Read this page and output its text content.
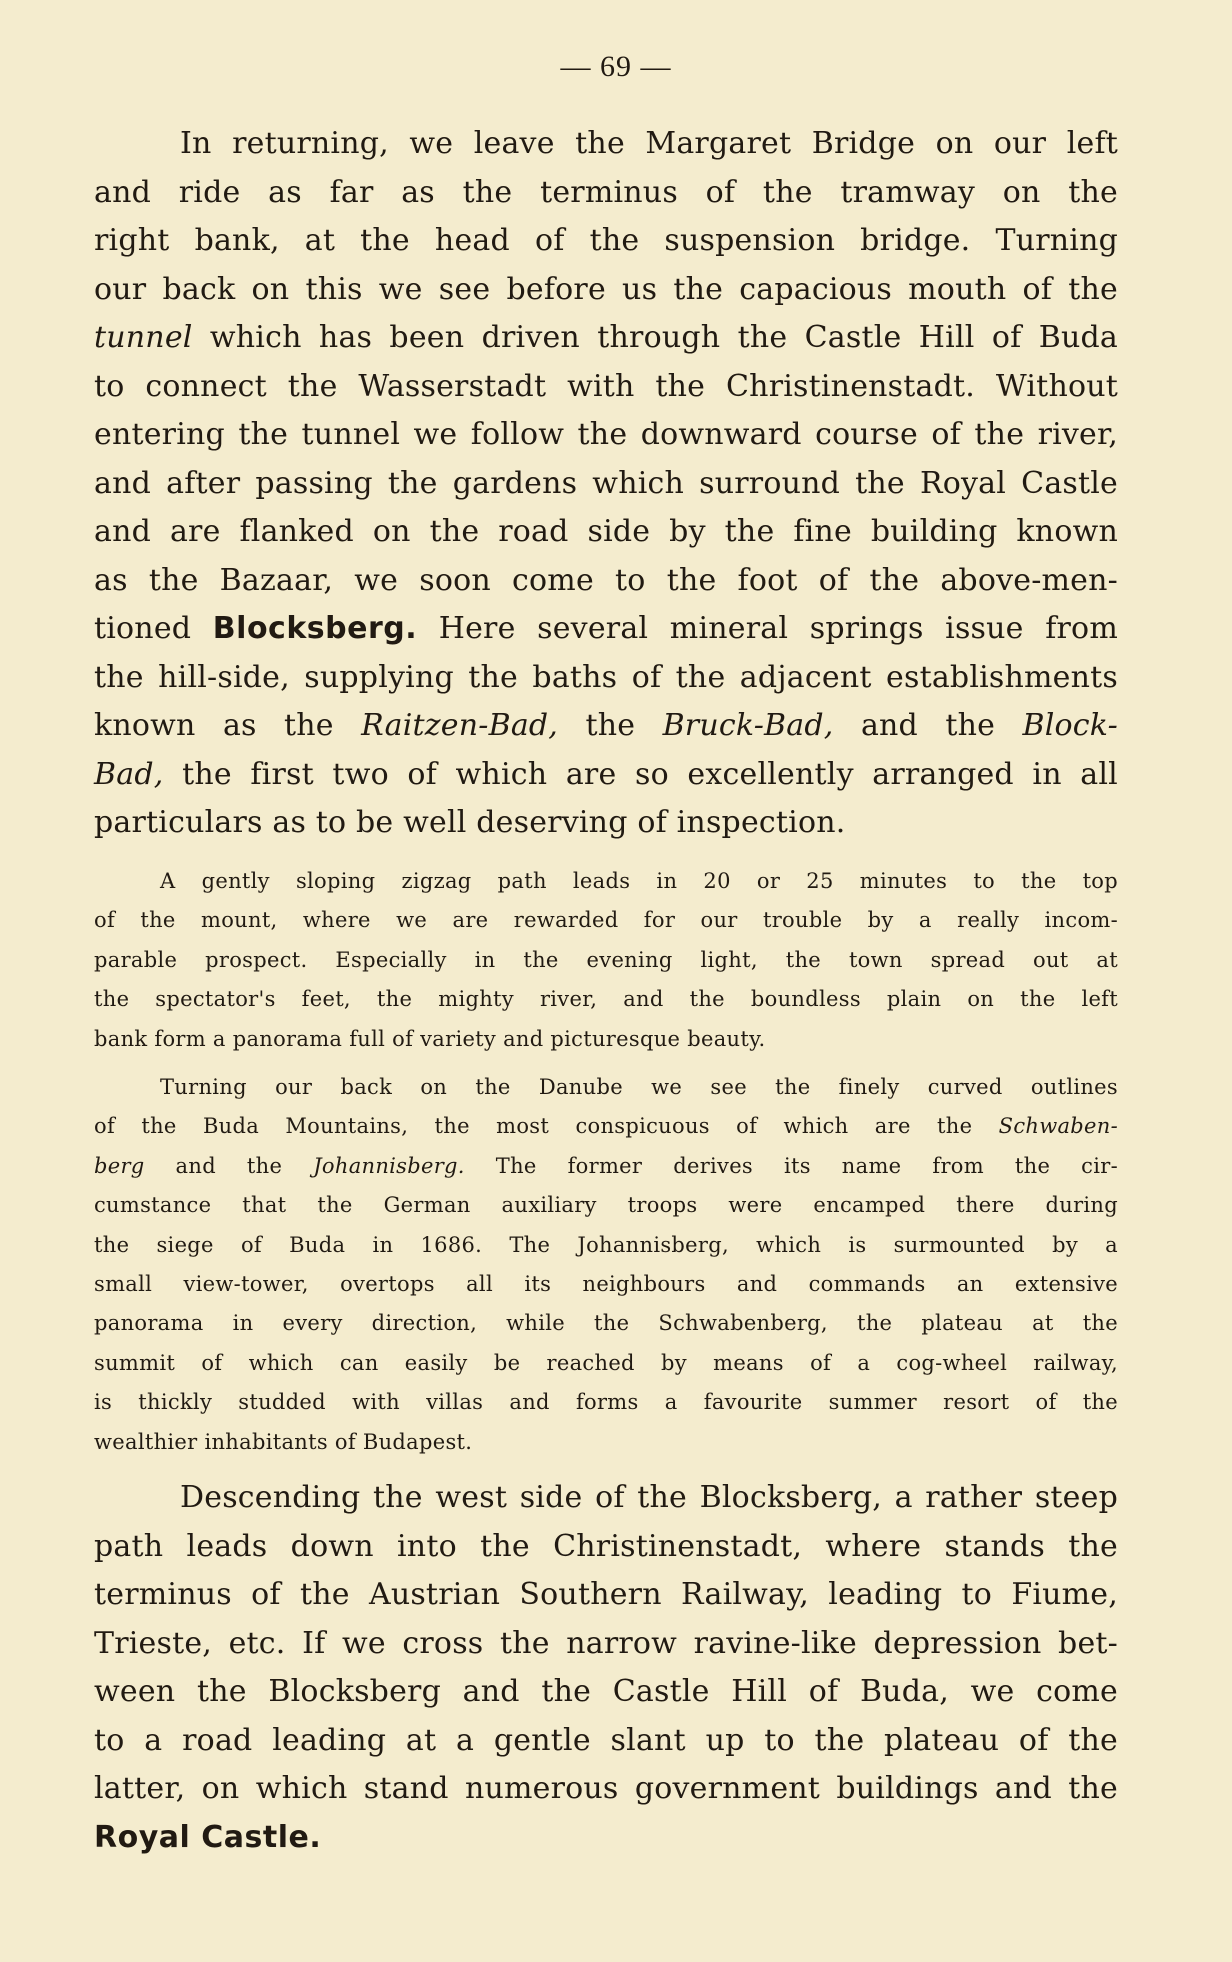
— 69 —
In returning, we leave the Margaret Bridge on our left
and ride as far as the terminus of the tramway on the
right bank, at the head of the suspension bridge. Turning
our back on this we see before us the capacious mouth of the
tunnel which has been driven through the Castle Hill of Buda
to connect the Wasserstadt with the Christinenstadt. Without
entering the tunnel we follow the downward course of the river,
and after passing the gardens which surround the Royal Castle
and are flanked on the road side by the fine building known
as the Bazaar, we soon come to the foot of the above-men-
tioned Blocksberg. Here several mineral springs issue from
the hill-side, supplying the baths of the adjacent establishments
known as the Raitzen-Bad, the Bruck-Bad, and the Block-
Bad, the first two of which are so excellently arranged in all
particulars as to be well deserving of inspection.
A gently sloping zigzag path leads in 20 or 25 minutes to the top
of the mount, where we are rewarded for our trouble by a really incom-
parable prospect. Especially in the evening light, the town spread out at
the spectator's feet, the mighty river, and the boundless plain on the left
bank form a panorama full of variety and picturesque beauty.
Turning our back on the Danube we see the finely curved outlines
of the Buda Mountains, the most conspicuous of which are the Schwaben-
berg and the Johannisberg. The former derives its name from the cir-
cumstance that the German auxiliary troops were encamped there during
the siege of Buda in 1686. The Johannisberg, which is surmounted by a
small view-tower, overtops all its neighbours and commands an extensive
panorama in every direction, while the Schwabenberg, the plateau at the
summit of which can easily be reached by means of a cog-wheel railway,
is thickly studded with villas and forms a favourite summer resort of the
wealthier inhabitants of Budapest.
Descending the west side of the Blocksberg, a rather steep
path leads down into the Christinenstadt, where stands the
terminus of the Austrian Southern Railway, leading to Fiume,
Trieste, etc. If we cross the narrow ravine-like depression bet-
ween the Blocksberg and the Castle Hill of Buda, we come
to a road leading at a gentle slant up to the plateau of the
latter, on which stand numerous government buildings and the
Royal Castle.
